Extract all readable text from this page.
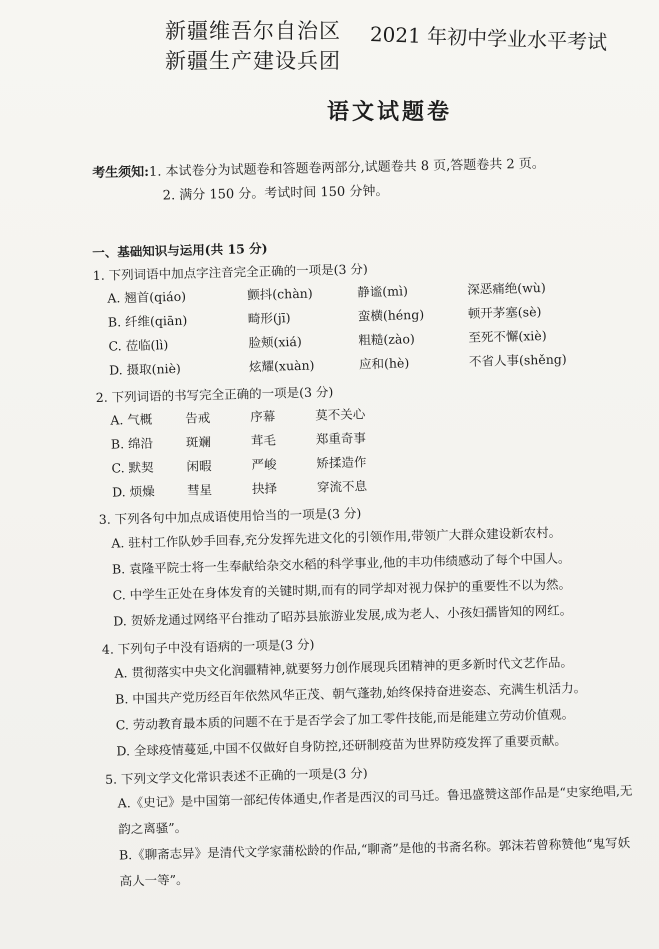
新疆维吾尔自治区
新疆生产建设兵团
2021 年初中学业水平考试
语文试题卷
考生须知:1. 本试卷分为试题卷和答题卷两部分,试题卷共 8 页,答题卷共 2 页。
2. 满分 150 分。考试时间 150 分钟。
一、基础知识与运用(共 15 分)
1. 下列词语中加点字注音完全正确的一项是(3 分)
A. 翘首(qiáo)	颤抖(chàn)	静谧(mì)	深恶痛绝(wù)
B. 纤维(qiān)	畸形(jī)	蛮横(héng)	顿开茅塞(sè)
C. 莅临(lì)	脸颊(xiá)	粗糙(zào)	至死不懈(xiè)
D. 摄取(niè)	炫耀(xuàn)	应和(hè)	不省人事(shěng)
2. 下列词语的书写完全正确的一项是(3 分)
A. 气概	告戒	序幕	莫不关心
B. 绵沿	斑斓	茸毛	郑重奇事
C. 默契	闲暇	严峻	矫揉造作
D. 烦燥	彗星	抉择	穿流不息
3. 下列各句中加点成语使用恰当的一项是(3 分)
A. 驻村工作队妙手回春,充分发挥先进文化的引领作用,带领广大群众建设新农村。
B. 袁隆平院士将一生奉献给杂交水稻的科学事业,他的丰功伟绩感动了每个中国人。
C. 中学生正处在身体发育的关键时期,而有的同学却对视力保护的重要性不以为然。
D. 贺娇龙通过网络平台推动了昭苏县旅游业发展,成为老人、小孩妇孺皆知的网红。
4. 下列句子中没有语病的一项是(3 分)
A. 贯彻落实中央文化润疆精神,就要努力创作展现兵团精神的更多新时代文艺作品。
B. 中国共产党历经百年依然风华正茂、朝气蓬勃,始终保持奋进姿态、充满生机活力。
C. 劳动教育最本质的问题不在于是否学会了加工零件技能,而是能建立劳动价值观。
D. 全球疫情蔓延,中国不仅做好自身防控,还研制疫苗为世界防疫发挥了重要贡献。
5. 下列文学文化常识表述不正确的一项是(3 分)
A.《史记》是中国第一部纪传体通史,作者是西汉的司马迁。鲁迅盛赞这部作品是“史家绝唱,无韵之离骚”。
B.《聊斋志异》是清代文学家蒲松龄的作品,“聊斋”是他的书斋名称。郭沫若曾称赞他“鬼写妖高人一等”。
